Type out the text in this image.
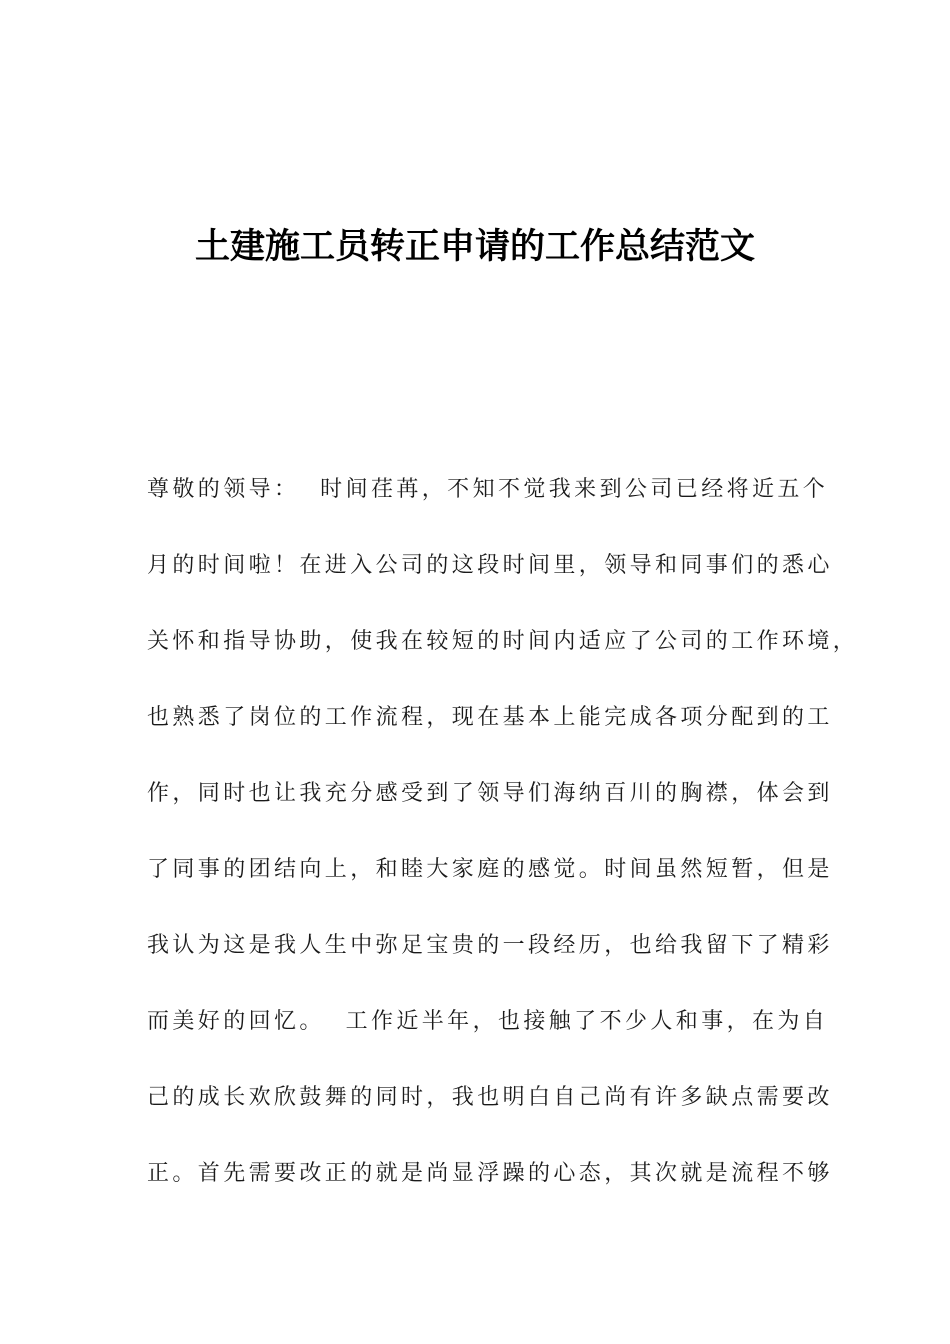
土建施工员转正申请的工作总结范文
尊敬的领导：  时间荏苒，不知不觉我来到公司已经将近五个
月的时间啦！在进入公司的这段时间里，领导和同事们的悉心
关怀和指导协助，使我在较短的时间内适应了公司的工作环境，
也熟悉了岗位的工作流程，现在基本上能完成各项分配到的工
作，同时也让我充分感受到了领导们海纳百川的胸襟，体会到
了同事的团结向上，和睦大家庭的感觉。时间虽然短暂，但是
我认为这是我人生中弥足宝贵的一段经历，也给我留下了精彩
而美好的回忆。  工作近半年，也接触了不少人和事，在为自
己的成长欢欣鼓舞的同时，我也明白自己尚有许多缺点需要改
正。首先需要改正的就是尚显浮躁的心态，其次就是流程不够
